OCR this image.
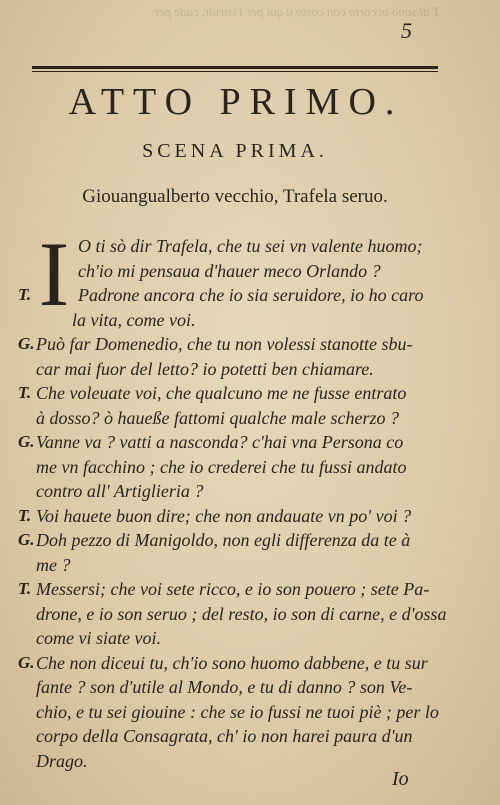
T al sono accorto con costo u qui per l'istruir, cade per
5
ATTO PRIMO.
SCENA PRIMA.
Giouangualberto vecchio, Trafela seruo.
I O ti sò dir Trafela, che tu sei vn valente huomo;
ch'io mi pensaua d'hauer meco Orlando ?
T.	Padrone ancora che io sia seruidore, io ho caro
la vita, come voi.
G. Può far Domenedio, che tu non volessi stanotte sbu-
car mai fuor del letto? io potetti ben chiamare.
T. Che voleuate voi, che qualcuno me ne fusse entrato
à dosso? ò haueße fattomi qualche male scherzo ?
G. Vanne va ? vatti a nasconda? c'hai vna Persona co
me vn facchino ; che io crederei che tu fussi andato
contro all' Artiglieria ?
T. Voi hauete buon dire; che non andauate vn po' voi ?
G. Doh pezzo di Manigoldo, non egli differenza da te à
me ?
T. Messersi; che voi sete ricco, e io son pouero ; sete Pa-
drone, e io son seruo ; del resto, io son di carne, e d'ossa
come vi siate voi.
G. Che non diceui tu, ch'io sono huomo dabbene, e tu sur
fante ? son d'utile al Mondo, e tu di danno ? son Ve-
chio, e tu sei giouine : che se io fussi ne tuoi piè ; per lo
corpo della Consagrata, ch' io non harei paura d'un
Drago.
Io
